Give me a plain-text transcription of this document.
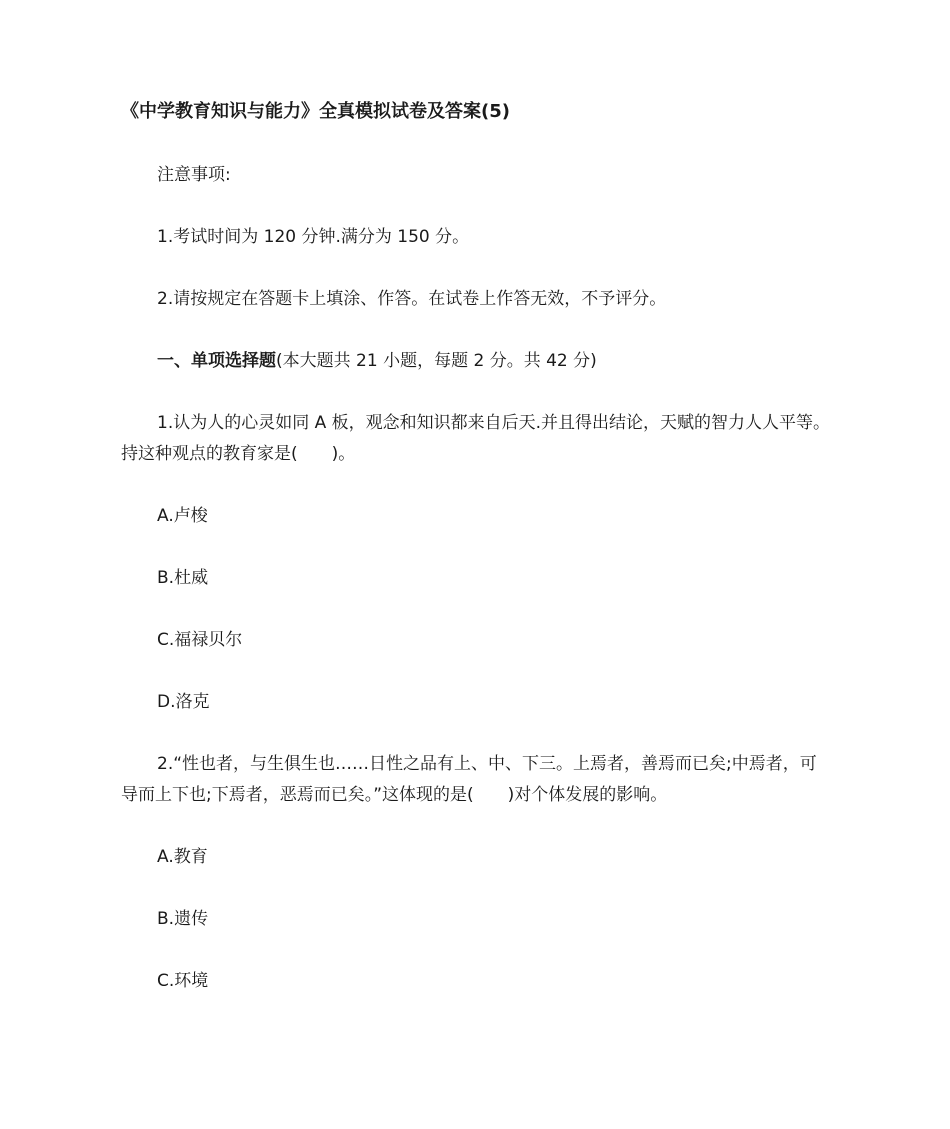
《中学教育知识与能力》全真模拟试卷及答案(5)

注意事项:

1.考试时间为 120 分钟.满分为 150 分。

2.请按规定在答题卡上填涂、作答。在试卷上作答无效，不予评分。

一、单项选择题(本大题共 21 小题，每题 2 分。共 42 分)

1.认为人的心灵如同 A 板，观念和知识都来自后天.并且得出结论，天赋的智力人人平等。持这种观点的教育家是(　　)。

A.卢梭

B.杜威

C.福禄贝尔

D.洛克

2.“性也者，与生俱生也……日性之品有上、中、下三。上焉者，善焉而已矣;中焉者，可导而上下也;下焉者，恶焉而已矣。”这体现的是(　　)对个体发展的影响。

A.教育

B.遗传

C.环境
